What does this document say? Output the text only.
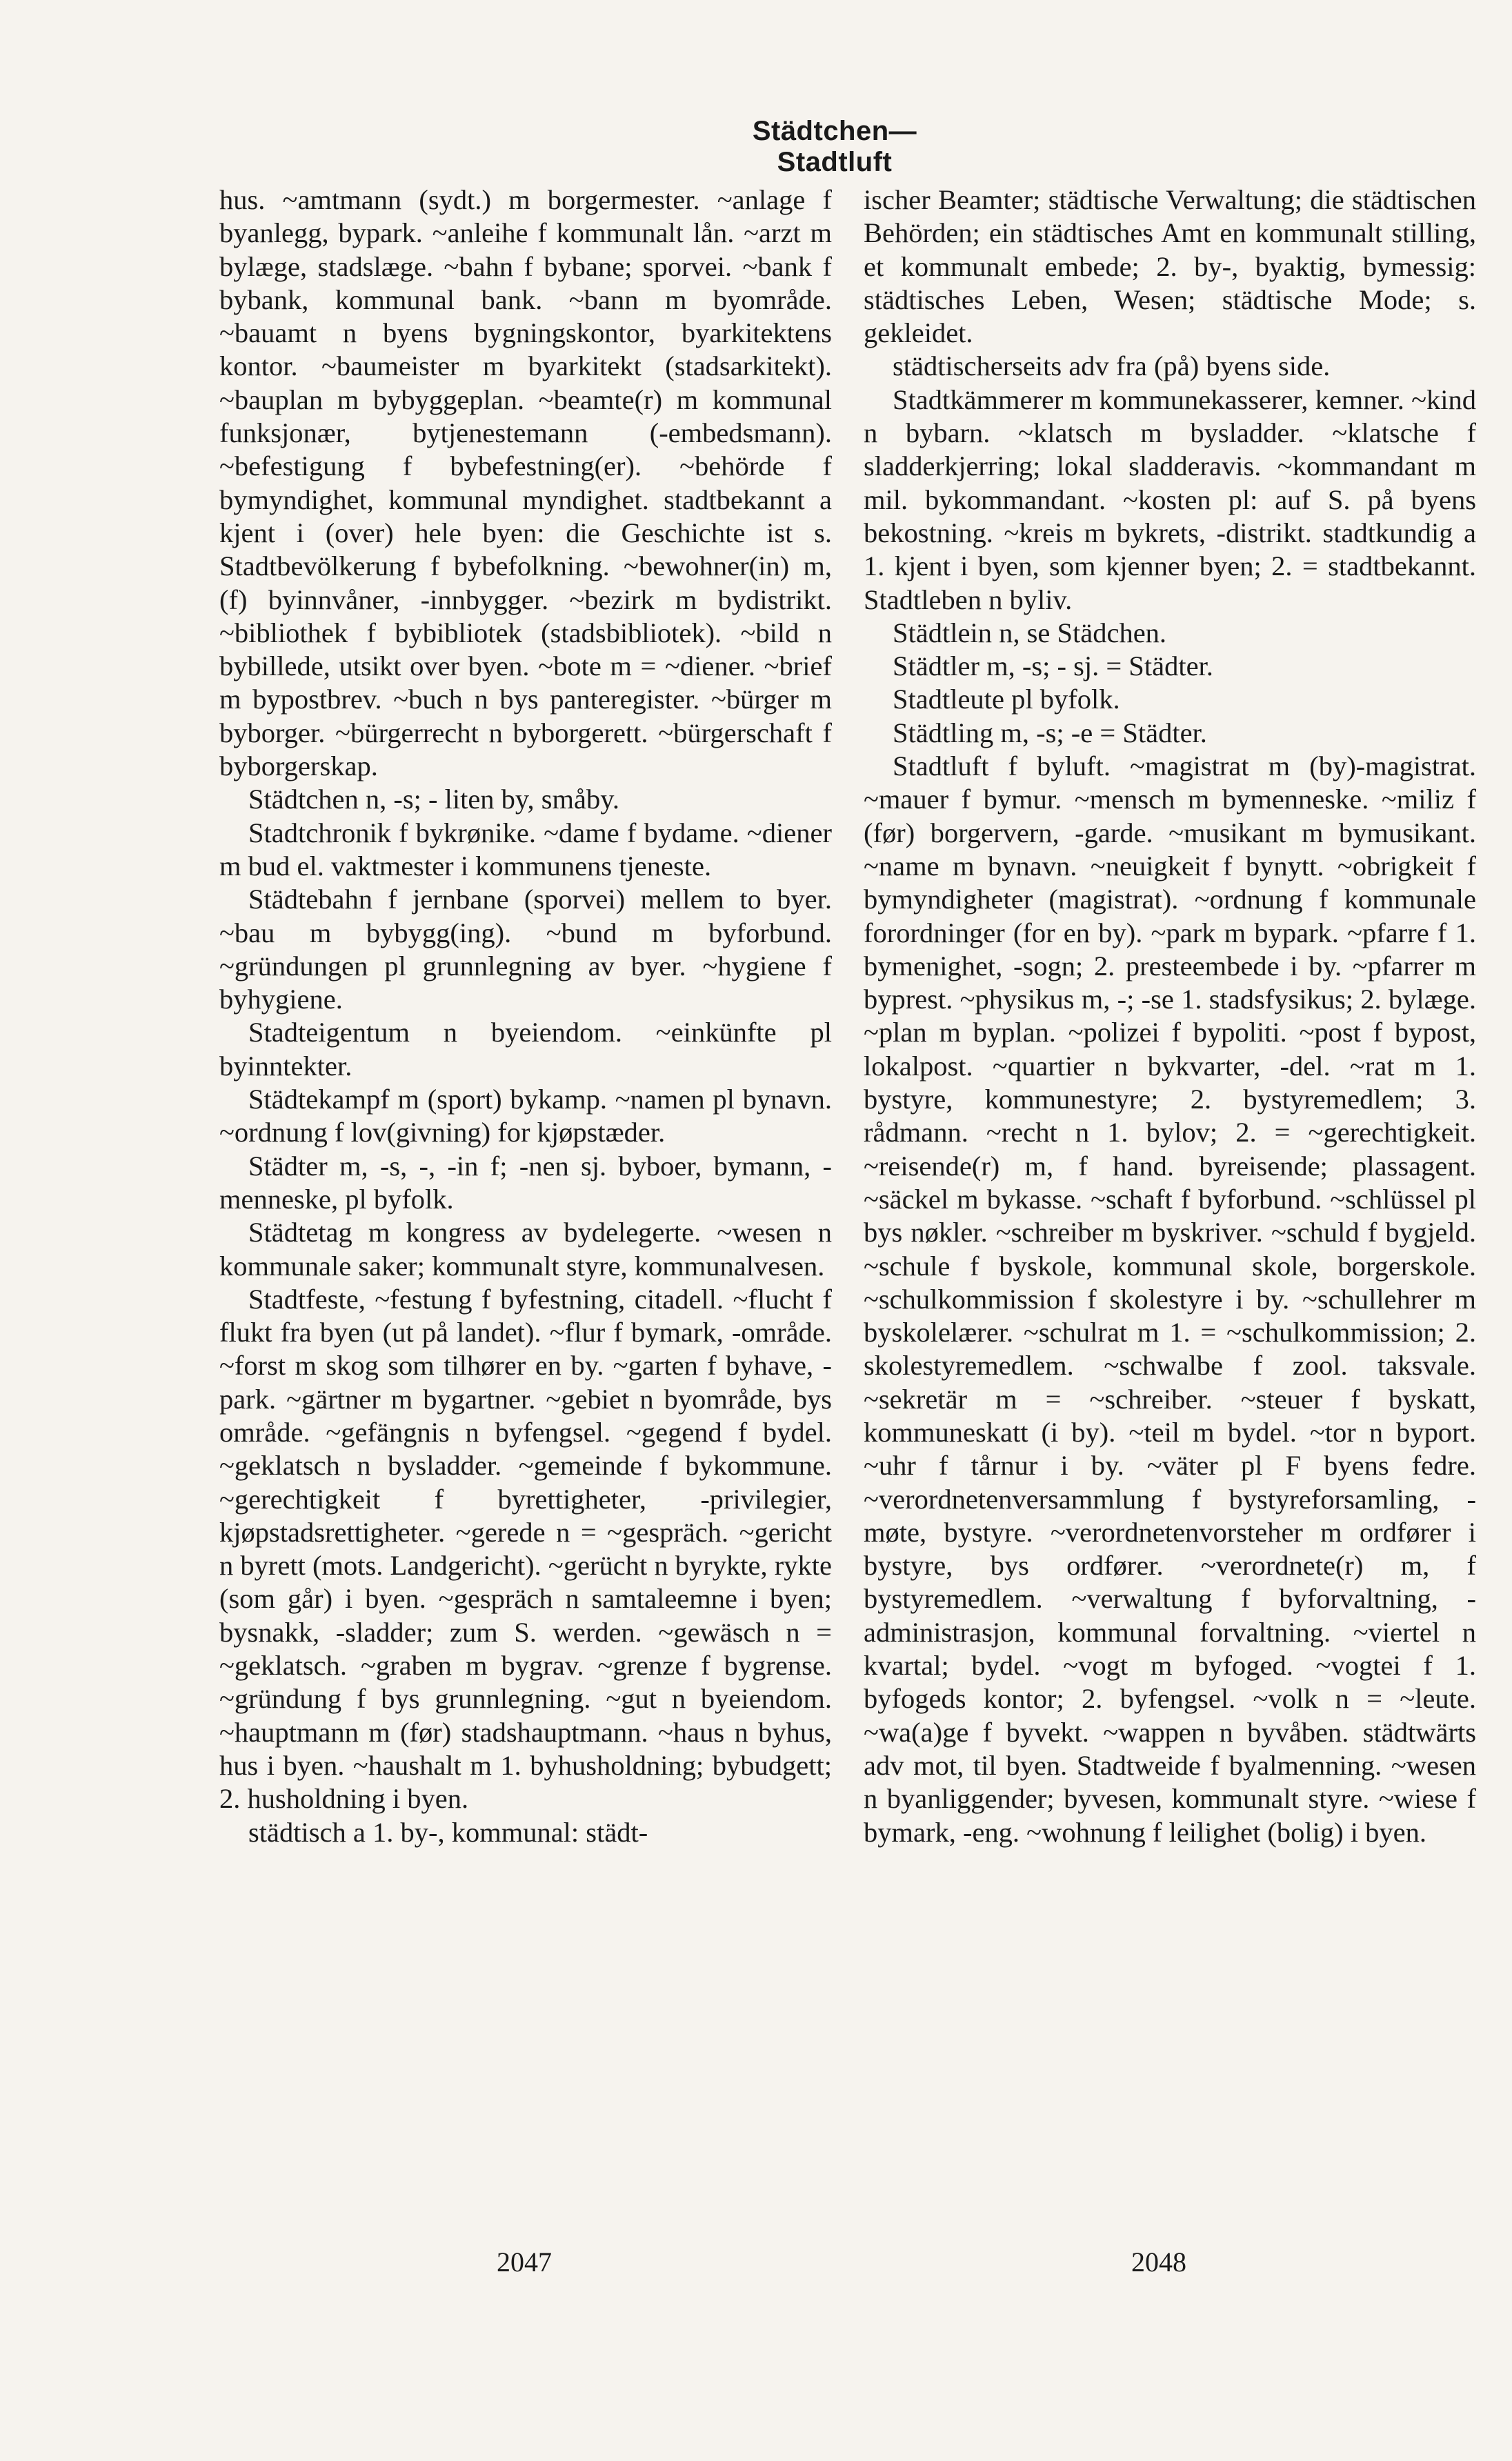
Städtchen—Stadtluft

hus. ~amtmann (sydt.) m borgermester. ~anlage f byanlegg, bypark. ~anleihe f kommunalt lån. ~arzt m bylæge, stadslæge. ~bahn f bybane; sporvei. ~bank f bybank, kommunal bank. ~bann m byområde. ~bauamt n byens bygningskontor, byarkitektens kontor. ~baumeister m byarkitekt (stadsarkitekt). ~bauplan m bybyggeplan. ~beamte(r) m kommunal funksjonær, bytjenestemann (-embedsmann). ~befestigung f bybefestning(er). ~behörde f bymyndighet, kommunal myndighet. stadtbekannt a kjent i (over) hele byen: die Geschichte ist s. Stadtbevölkerung f bybefolkning. ~bewohner(in) m, (f) byinnvåner, -innbygger. ~bezirk m bydistrikt. ~bibliothek f bybibliotek (stadsbibliotek). ~bild n bybillede, utsikt over byen. ~bote m = ~diener. ~brief m bypostbrev. ~buch n bys panteregister. ~bürger m byborger. ~bürgerrecht n byborgerett. ~bürgerschaft f byborgerskap.

Städtchen n, -s; - liten by, småby.

Stadtchronik f bykrønike. ~dame f bydame. ~diener m bud el. vaktmester i kommunens tjeneste.

Städtebahn f jernbane (sporvei) mellem to byer. ~bau m bybygg(ing). ~bund m byforbund. ~gründungen pl grunnlegning av byer. ~hygiene f byhygiene.

Stadteigentum n byeiendom. ~einkünfte pl byinntekter.

Städtekampf m (sport) bykamp. ~namen pl bynavn. ~ordnung f lov(givning) for kjøpstæder.

Städter m, -s, -, -in f; -nen sj. byboer, bymann, -menneske, pl byfolk.

Städtetag m kongress av bydelegerte. ~wesen n kommunale saker; kommunalt styre, kommunalvesen.

Stadtfeste, ~festung f byfestning, citadell. ~flucht f flukt fra byen (ut på landet). ~flur f bymark, -område. ~forst m skog som tilhører en by. ~garten f byhave, -park. ~gärtner m bygartner. ~gebiet n byområde, bys område. ~gefängnis n byfengsel. ~gegend f bydel. ~geklatsch n bysladder. ~gemeinde f bykommune. ~gerechtigkeit f byrettigheter, -privilegier, kjøpstadsrettigheter. ~gerede n = ~gespräch. ~gericht n byrett (mots. Landgericht). ~gerücht n byrykte, rykte (som går) i byen. ~gespräch n samtaleemne i byen; bysnakk, -sladder; zum S. werden. ~gewäsch n = ~geklatsch. ~graben m bygrav. ~grenze f bygrense. ~gründung f bys grunnlegning. ~gut n byeiendom. ~hauptmann m (før) stadshauptmann. ~haus n byhus, hus i byen. ~haushalt m 1. byhusholdning; bybudgett; 2. husholdning i byen.

städtisch a 1. by-, kommunal: städt-

ischer Beamter; städtische Verwaltung; die städtischen Behörden; ein städtisches Amt en kommunalt stilling, et kommunalt embede; 2. by-, byaktig, bymessig: städtisches Leben, Wesen; städtische Mode; s. gekleidet.

städtischerseits adv fra (på) byens side.

Stadtkämmerer m kommunekasserer, kemner. ~kind n bybarn. ~klatsch m bysladder. ~klatsche f sladderkjerring; lokal sladderavis. ~kommandant m mil. bykommandant. ~kosten pl: auf S. på byens bekostning. ~kreis m bykrets, -distrikt. stadtkundig a 1. kjent i byen, som kjenner byen; 2. = stadtbekannt. Stadtleben n byliv.

Städtlein n, se Städchen.

Städtler m, -s; - sj. = Städter.

Stadtleute pl byfolk.

Städtling m, -s; -e = Städter.

Stadtluft f byluft. ~magistrat m (by)-magistrat. ~mauer f bymur. ~mensch m bymenneske. ~miliz f (før) borgervern, -garde. ~musikant m bymusikant. ~name m bynavn. ~neuigkeit f bynytt. ~obrigkeit f bymyndigheter (magistrat). ~ordnung f kommunale forordninger (for en by). ~park m bypark. ~pfarre f 1. bymenighet, -sogn; 2. presteembede i by. ~pfarrer m byprest. ~physikus m, -; -se 1. stadsfysikus; 2. bylæge. ~plan m byplan. ~polizei f bypoliti. ~post f bypost, lokalpost. ~quartier n bykvarter, -del. ~rat m 1. bystyre, kommunestyre; 2. bystyremedlem; 3. rådmann. ~recht n 1. bylov; 2. = ~gerechtigkeit. ~reisende(r) m, f hand. byreisende; plassagent. ~säckel m bykasse. ~schaft f byforbund. ~schlüssel pl bys nøkler. ~schreiber m byskriver. ~schuld f bygjeld. ~schule f byskole, kommunal skole, borgerskole. ~schulkommission f skolestyre i by. ~schullehrer m byskolelærer. ~schulrat m 1. = ~schulkommission; 2. skolestyremedlem. ~schwalbe f zool. taksvale. ~sekretär m = ~schreiber. ~steuer f byskatt, kommuneskatt (i by). ~teil m bydel. ~tor n byport. ~uhr f tårnur i by. ~väter pl F byens fedre. ~verordnetenversammlung f bystyreforsamling, -møte, bystyre. ~verordnetenvorsteher m ordfører i bystyre, bys ordfører. ~verordnete(r) m, f bystyremedlem. ~verwaltung f byforvaltning, -administrasjon, kommunal forvaltning. ~viertel n kvartal; bydel. ~vogt m byfoged. ~vogtei f 1. byfogeds kontor; 2. byfengsel. ~volk n = ~leute. ~wa(a)ge f byvekt. ~wappen n byvåben. städtwärts adv mot, til byen. Stadtweide f byalmenning. ~wesen n byanliggender; byvesen, kommunalt styre. ~wiese f bymark, -eng. ~wohnung f leilighet (bolig) i byen.

2047	2048
